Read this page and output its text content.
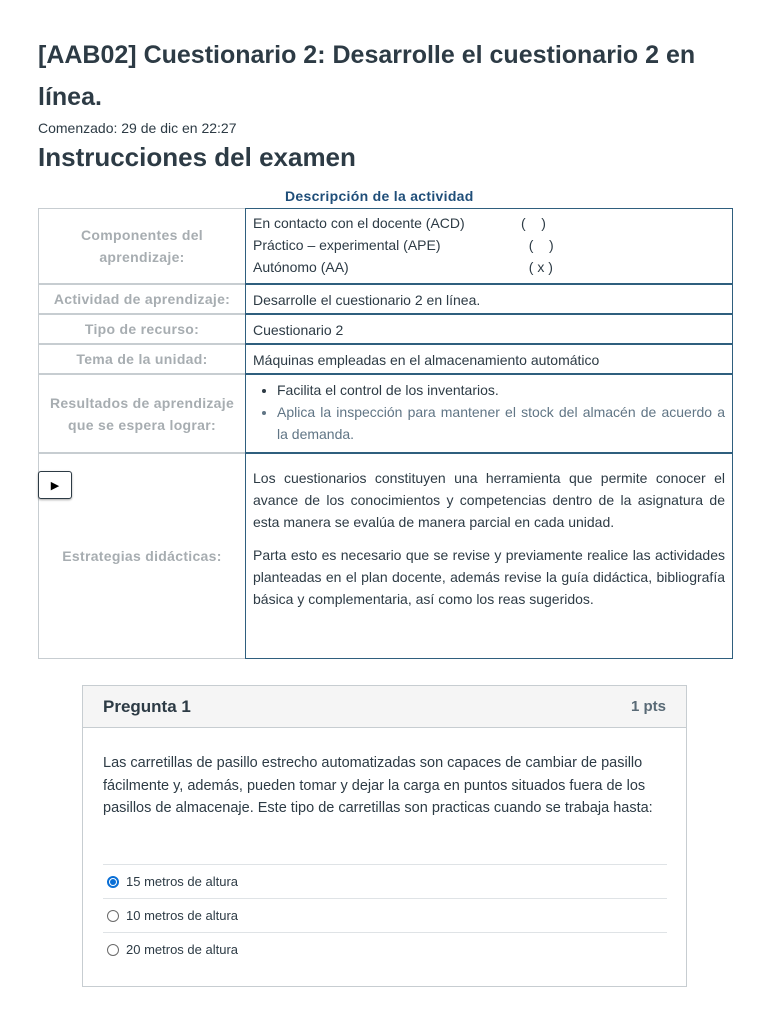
[AAB02] Cuestionario 2: Desarrolle el cuestionario 2 en línea.
Comenzado: 29 de dic en 22:27
Instrucciones del examen
Descripción de la actividad
Componentes del aprendizaje:
En contacto con el docente (ACD)	(    )
Práctico – experimental (APE)	(    )
Autónomo (AA)	( x )
Actividad de aprendizaje:	Desarrolle el cuestionario 2 en línea.
Tipo de recurso:	Cuestionario 2
Tema de la unidad:	Máquinas empleadas en el almacenamiento automático
Resultados de aprendizaje que se espera lograr:
• Facilita el control de los inventarios.
• Aplica la inspección para mantener el stock del almacén de acuerdo a la demanda.
Estrategias didácticas:

Los cuestionarios constituyen una herramienta que permite conocer el avance de los conocimientos y competencias dentro de la asignatura de esta manera se evalúa de manera parcial en cada unidad.

Parta esto es necesario que se revise y previamente realice las actividades planteadas en el plan docente, además revise la guía didáctica, bibliografía básica y complementaria, así como los reas sugeridos.

▶
Pregunta 1	1 pts
Las carretillas de pasillo estrecho automatizadas son capaces de cambiar de pasillo fácilmente y, además, pueden tomar y dejar la carga en puntos situados fuera de los pasillos de almacenaje. Este tipo de carretillas son practicas cuando se trabaja hasta:
15 metros de altura
10 metros de altura
20 metros de altura
